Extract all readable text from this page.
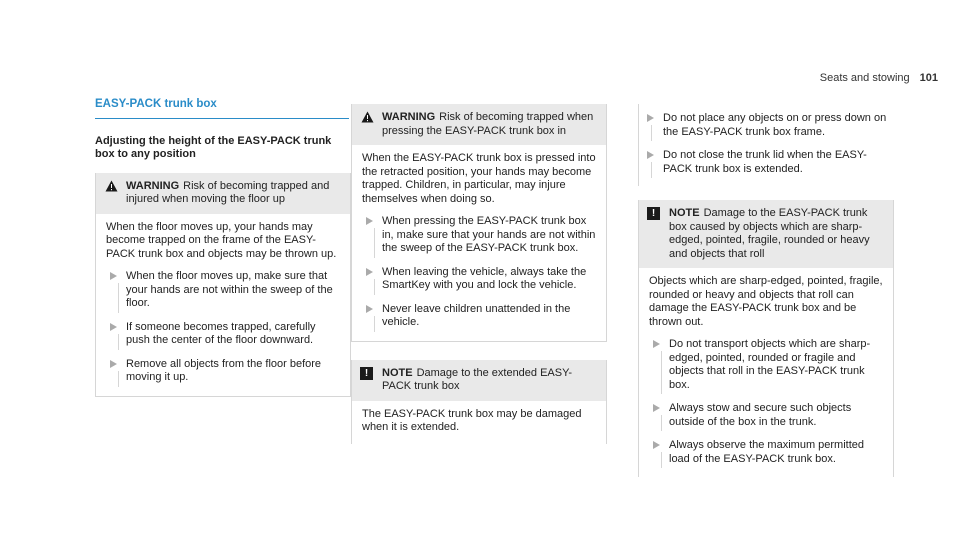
Seats and stowing 101
EASY-PACK trunk box
Adjusting the height of the EASY-PACK trunk box to any position
WARNING Risk of becoming trapped and injured when moving the floor up

When the floor moves up, your hands may become trapped on the frame of the EASY-PACK trunk box and objects may be thrown up.

When the floor moves up, make sure that your hands are not within the sweep of the floor.
If someone becomes trapped, carefully push the center of the floor downward.
Remove all objects from the floor before moving it up.
WARNING Risk of becoming trapped when pressing the EASY-PACK trunk box in

When the EASY-PACK trunk box is pressed into the retracted position, your hands may become trapped. Children, in particular, may injure themselves when doing so.

When pressing the EASY-PACK trunk box in, make sure that your hands are not within the sweep of the EASY-PACK trunk box.
When leaving the vehicle, always take the SmartKey with you and lock the vehicle.
Never leave children unattended in the vehicle.
!	NOTE Damage to the extended EASY-PACK trunk box

The EASY-PACK trunk box may be damaged when it is extended.

Do not place any objects on or press down on the EASY-PACK trunk box frame.
Do not close the trunk lid when the EASY-PACK trunk box is extended.
!	NOTE Damage to the EASY-PACK trunk box caused by objects which are sharp-edged, pointed, fragile, rounded or heavy and objects that roll

Objects which are sharp-edged, pointed, fragile, rounded or heavy and objects that roll can damage the EASY-PACK trunk box and be thrown out.

Do not transport objects which are sharp-edged, pointed, rounded or fragile and objects that roll in the EASY-PACK trunk box.
Always stow and secure such objects outside of the box in the trunk.
Always observe the maximum permitted load of the EASY-PACK trunk box.
